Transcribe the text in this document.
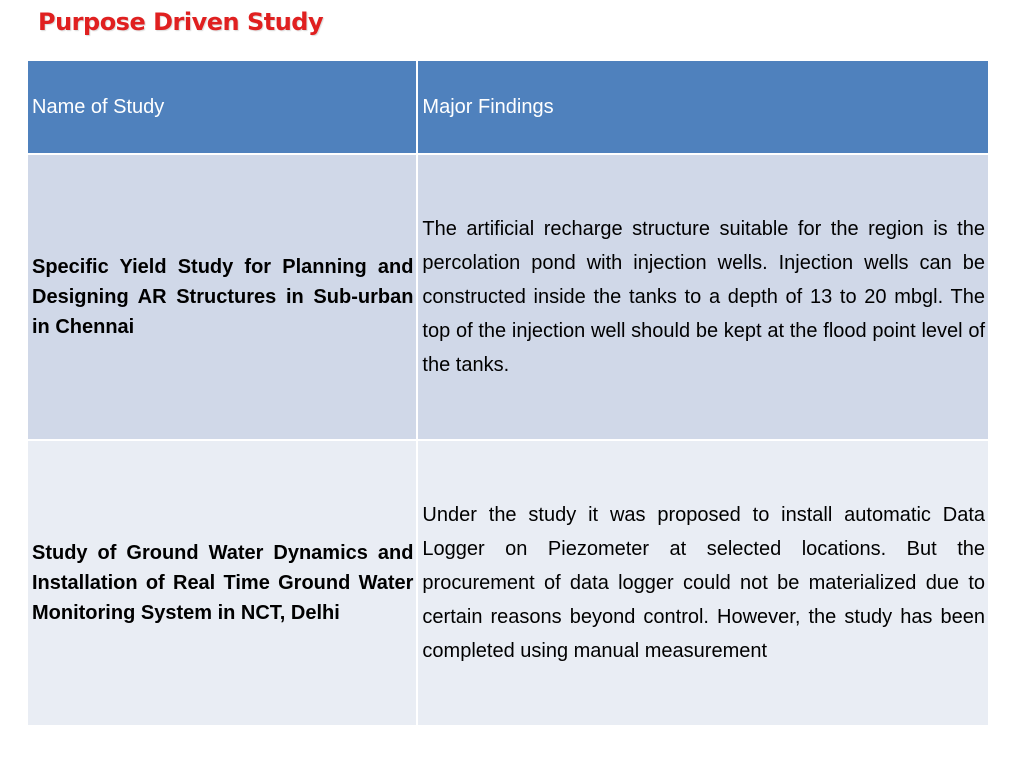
Purpose Driven Study
Name of Study	Major Findings

Specific Yield Study for Planning and Designing AR Structures in Sub-urban in Chennai	The artificial recharge structure suitable for the region is the percolation pond with injection wells. Injection wells can be constructed inside the tanks to a depth of 13 to 20 mbgl. The top of the injection well should be kept at the flood point level of the tanks.

Study of Ground Water Dynamics and Installation of Real Time Ground Water Monitoring System in NCT, Delhi	Under the study it was proposed to install automatic Data Logger on Piezometer at selected locations. But the procurement of data logger could not be materialized due to certain reasons beyond control. However, the study has been completed using manual measurement
